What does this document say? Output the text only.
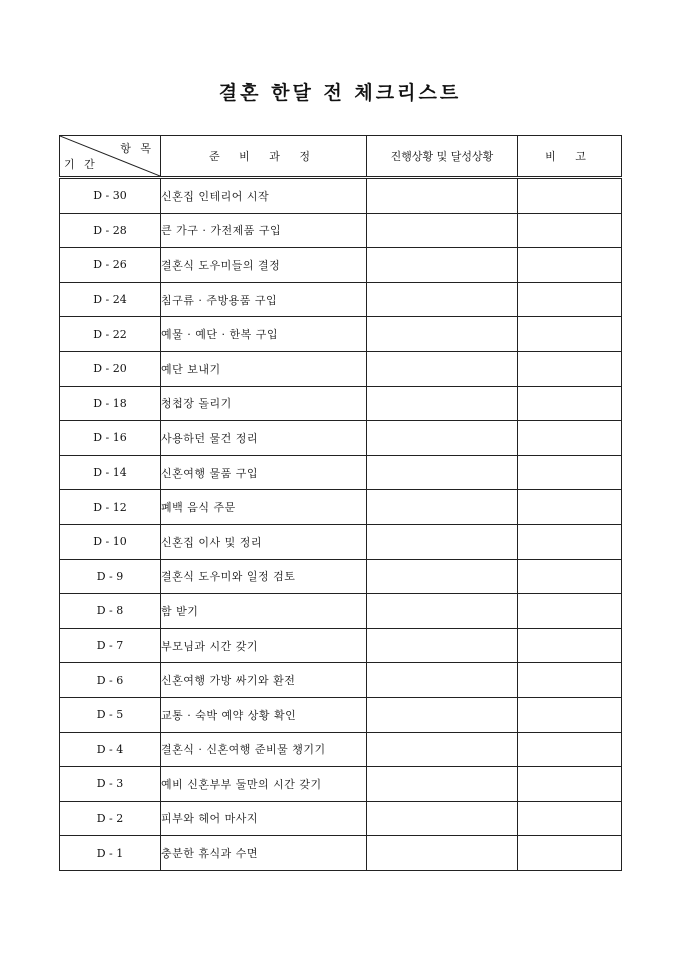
결혼 한달 전 체크리스트
항 목
기 간	준 비 과 정	진행상황 및 달성상황	비 고
D - 30	신혼집 인테리어 시작		
D - 28	큰 가구 · 가전제품 구입		
D - 26	결혼식 도우미들의 결정		
D - 24	침구류 · 주방용품 구입		
D - 22	예물 · 예단 · 한복 구입		
D - 20	예단 보내기		
D - 18	청첩장 돌리기		
D - 16	사용하던 물건 정리		
D - 14	신혼여행 물품 구입		
D - 12	폐백 음식 주문		
D - 10	신혼집 이사 및 정리		
D - 9	결혼식 도우미와 일정 검토		
D - 8	함 받기		
D - 7	부모님과 시간 갖기		
D - 6	신혼여행 가방 싸기와 환전		
D - 5	교통 · 숙박 예약 상황 확인		
D - 4	결혼식 · 신혼여행 준비물 챙기기		
D - 3	예비 신혼부부 둘만의 시간 갖기		
D - 2	피부와 헤어 마사지		
D - 1	충분한 휴식과 수면		
